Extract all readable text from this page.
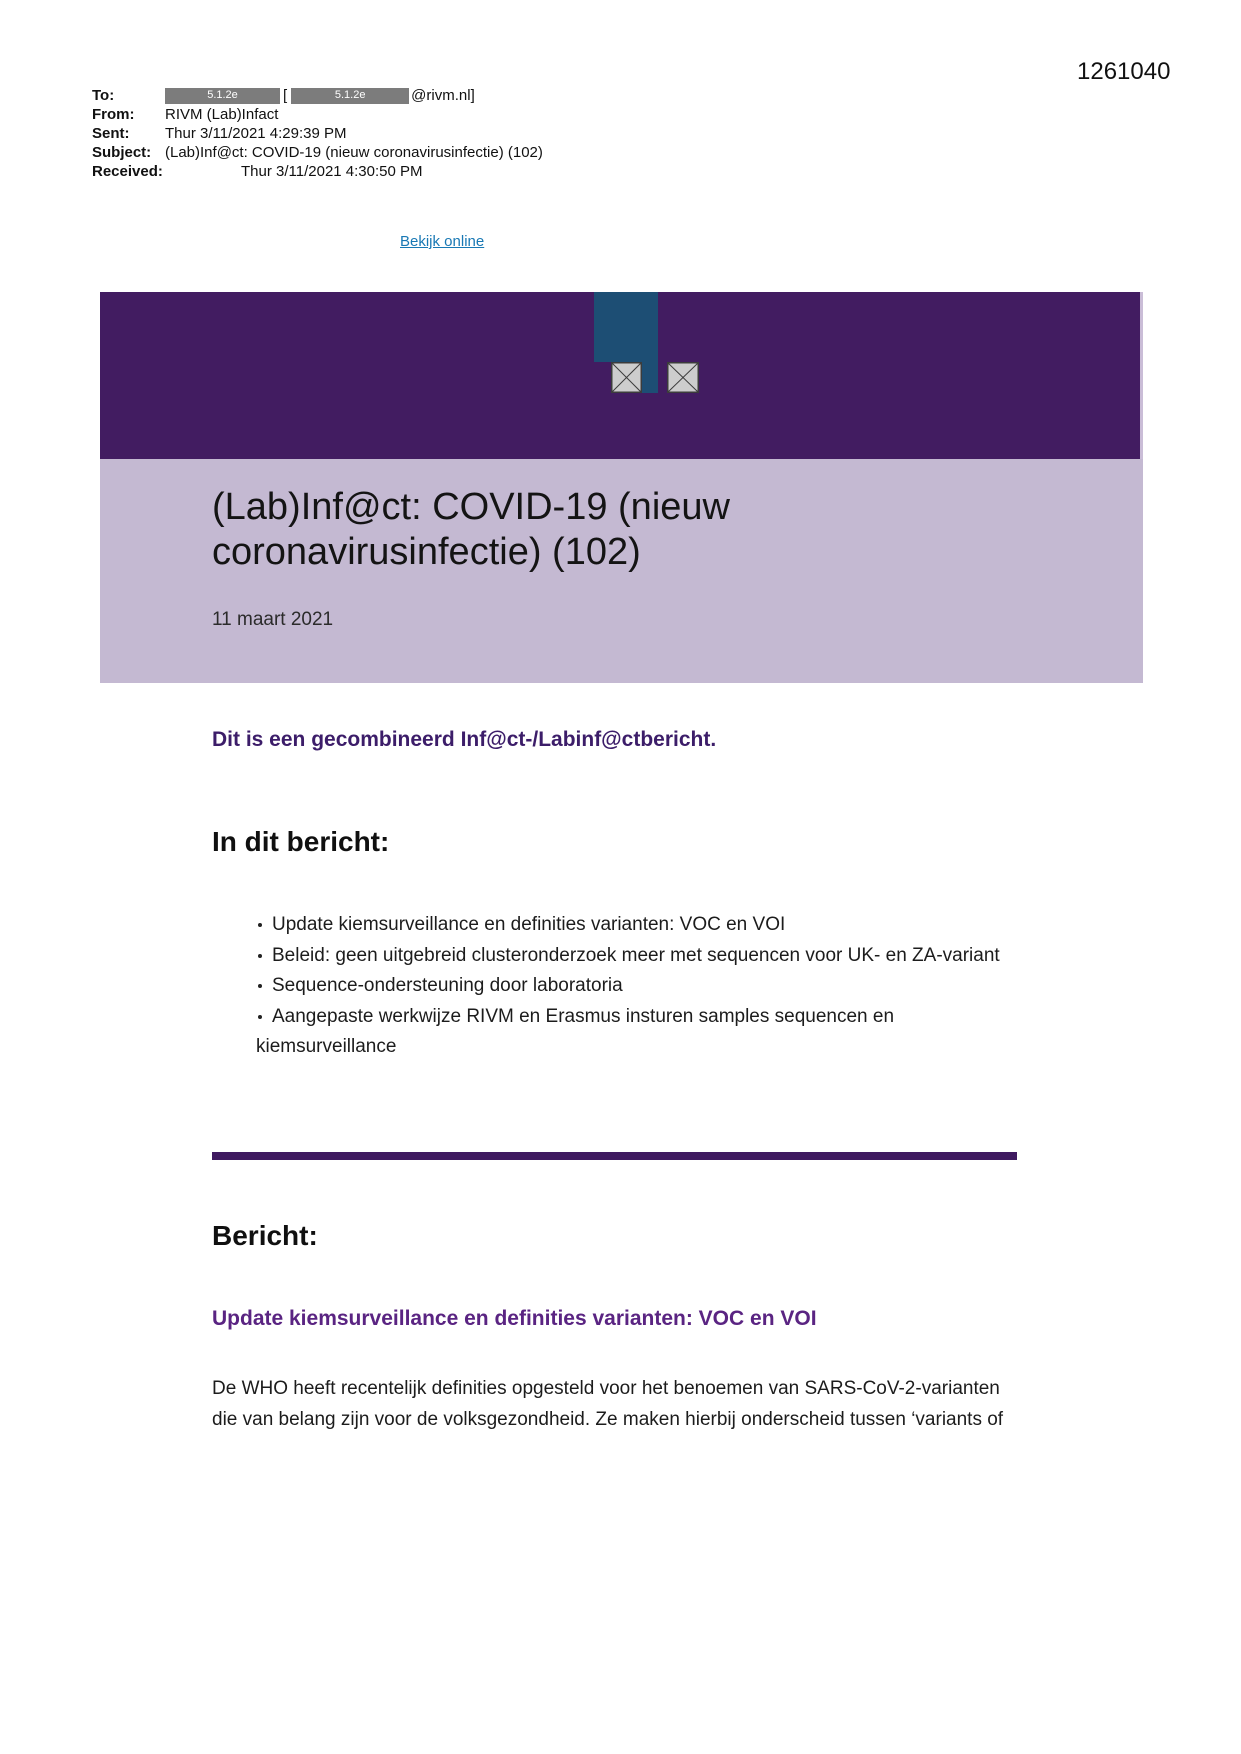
1261040
To:	5.1.2e	[	5.1.2e	@rivm.nl]
From:	RIVM (Lab)Infact
Sent:	Thur 3/11/2021 4:29:39 PM
Subject: (Lab)Inf@ct: COVID-19 (nieuw coronavirusinfectie) (102)
Received:	Thur 3/11/2021 4:30:50 PM
Bekijk online
(Lab)Inf@ct: COVID-19 (nieuw
coronavirusinfectie) (102)
11 maart 2021
Dit is een gecombineerd Inf@ct-/Labinf@ctbericht.
In dit bericht:
Update kiemsurveillance en definities varianten: VOC en VOI
Beleid: geen uitgebreid clusteronderzoek meer met sequencen voor UK- en ZA-variant
Sequence-ondersteuning door laboratoria
Aangepaste werkwijze RIVM en Erasmus insturen samples sequencen en
kiemsurveillance
Bericht:
Update kiemsurveillance en definities varianten: VOC en VOI
De WHO heeft recentelijk definities opgesteld voor het benoemen van SARS-CoV-2-varianten
die van belang zijn voor de volksgezondheid. Ze maken hierbij onderscheid tussen ‘variants of
